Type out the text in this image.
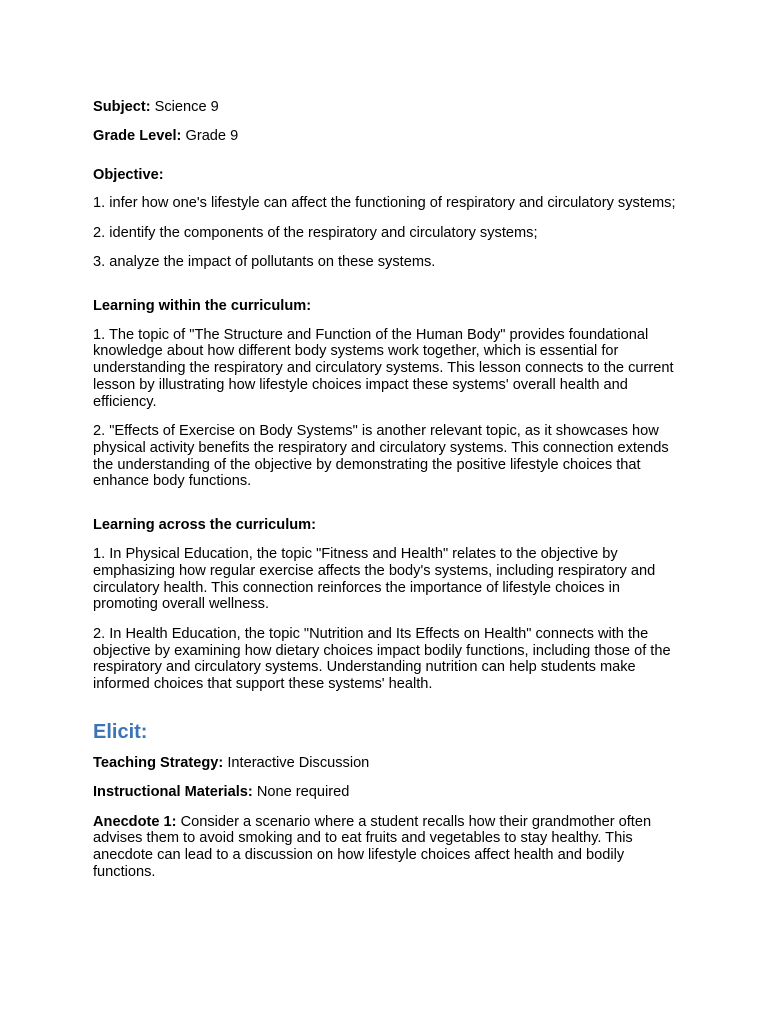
Subject: Science 9

Grade Level: Grade 9

Objective:

1. infer how one's lifestyle can affect the functioning of respiratory and circulatory systems;

2. identify the components of the respiratory and circulatory systems;

3. analyze the impact of pollutants on these systems.

Learning within the curriculum:

1. The topic of "The Structure and Function of the Human Body" provides foundational knowledge about how different body systems work together, which is essential for understanding the respiratory and circulatory systems. This lesson connects to the current lesson by illustrating how lifestyle choices impact these systems' overall health and efficiency.

2. "Effects of Exercise on Body Systems" is another relevant topic, as it showcases how physical activity benefits the respiratory and circulatory systems. This connection extends the understanding of the objective by demonstrating the positive lifestyle choices that enhance body functions.

Learning across the curriculum:

1. In Physical Education, the topic "Fitness and Health" relates to the objective by emphasizing how regular exercise affects the body's systems, including respiratory and circulatory health. This connection reinforces the importance of lifestyle choices in promoting overall wellness.

2. In Health Education, the topic "Nutrition and Its Effects on Health" connects with the objective by examining how dietary choices impact bodily functions, including those of the respiratory and circulatory systems. Understanding nutrition can help students make informed choices that support these systems' health.

Elicit:

Teaching Strategy: Interactive Discussion

Instructional Materials: None required

Anecdote 1: Consider a scenario where a student recalls how their grandmother often advises them to avoid smoking and to eat fruits and vegetables to stay healthy. This anecdote can lead to a discussion on how lifestyle choices affect health and bodily functions.
